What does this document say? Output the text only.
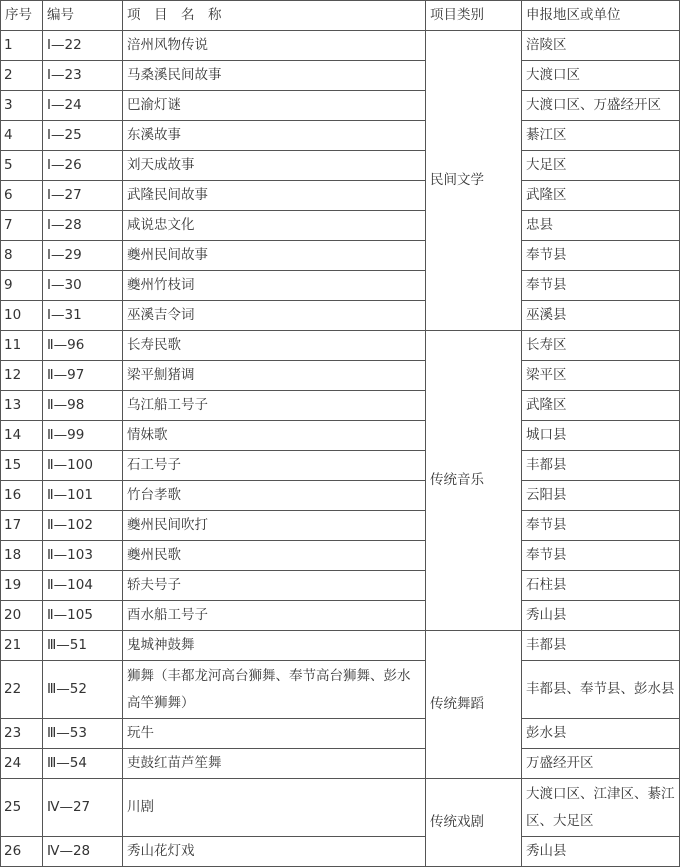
序号	编号	项　目　名　称	项目类别	申报地区或单位
1	Ⅰ—22	涪州风物传说	民间文学	涪陵区
2	Ⅰ—23	马桑溪民间故事		大渡口区
3	Ⅰ—24	巴渝灯谜		大渡口区、万盛经开区
4	Ⅰ—25	东溪故事		綦江区
5	Ⅰ—26	刘天成故事		大足区
6	Ⅰ—27	武隆民间故事		武隆区
7	Ⅰ—28	咸说忠文化		忠县
8	Ⅰ—29	夔州民间故事		奉节县
9	Ⅰ—30	夔州竹枝词		奉节县
10	Ⅰ—31	巫溪吉令词		巫溪县
11	Ⅱ—96	长寿民歌	传统音乐	长寿区
12	Ⅱ—97	梁平劁猪调		梁平区
13	Ⅱ—98	乌江船工号子		武隆区
14	Ⅱ—99	情妹歌		城口县
15	Ⅱ—100	石工号子		丰都县
16	Ⅱ—101	竹台孝歌		云阳县
17	Ⅱ—102	夔州民间吹打		奉节县
18	Ⅱ—103	夔州民歌		奉节县
19	Ⅱ—104	轿夫号子		石柱县
20	Ⅱ—105	酉水船工号子		秀山县
21	Ⅲ—51	鬼城神鼓舞	传统舞蹈	丰都县
22	Ⅲ—52	狮舞（丰都龙河高台狮舞、奉节高台狮舞、彭水高竿狮舞）		丰都县、奉节县、彭水县
23	Ⅲ—53	玩牛		彭水县
24	Ⅲ—54	吏鼓红苗芦笙舞		万盛经开区
25	Ⅳ—27	川剧	传统戏剧	大渡口区、江津区、綦江区、大足区
26	Ⅳ—28	秀山花灯戏		秀山县
